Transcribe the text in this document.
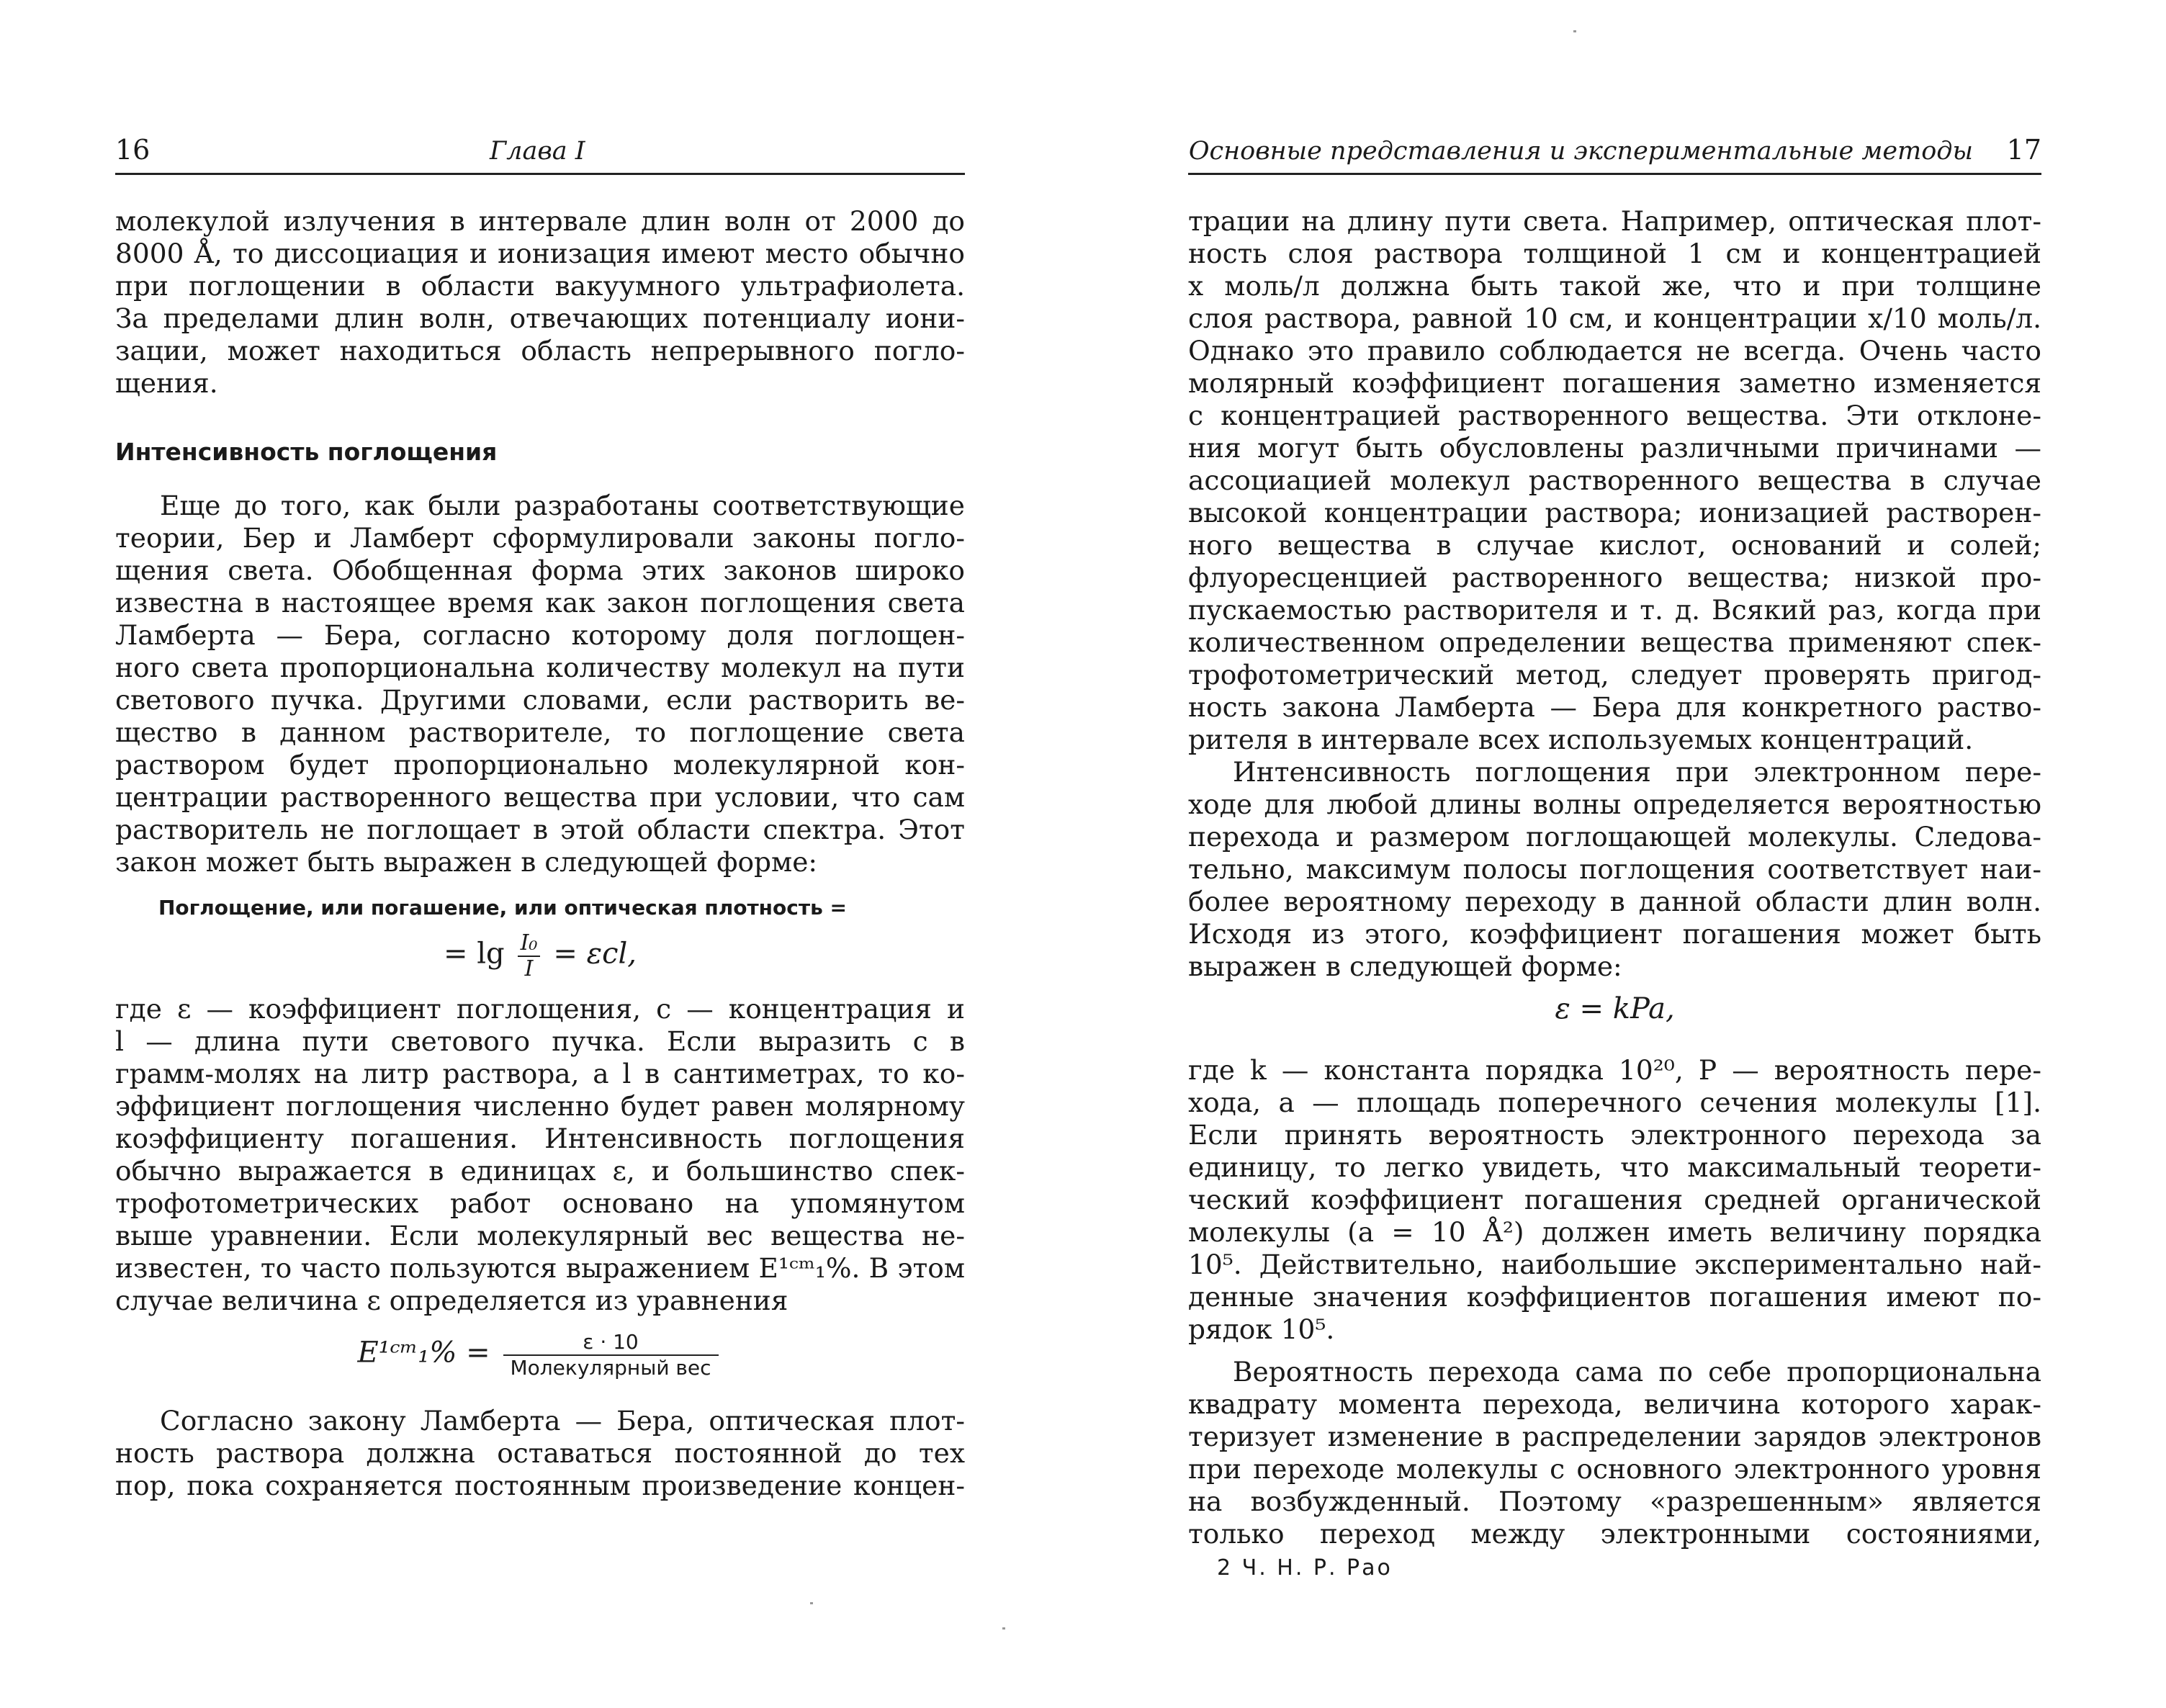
16	Глава I

молекулой излучения в интервале длин волн от 2000 до
8000 Å, то диссоциация и ионизация имеют место обычно
при поглощении в области вакуумного ультрафиолета.
За пределами длин волн, отвечающих потенциалу иони-
зации, может находиться область непрерывного погло-
щения.

Интенсивность поглощения

Еще до того, как были разработаны соответствующие
теории, Бер и Ламберт сформулировали законы погло-
щения света. Обобщенная форма этих законов широко
известна в настоящее время как закон поглощения света
Ламберта — Бера, согласно которому доля поглощен-
ного света пропорциональна количеству молекул на пути
светового пучка. Другими словами, если растворить ве-
щество в данном растворителе, то поглощение света
раствором будет пропорционально молекулярной кон-
центрации растворенного вещества при условии, что сам
растворитель не поглощает в этой области спектра. Этот
закон может быть выражен в следующей форме:

Поглощение, или погашение, или оптическая плотность =
= $\lg \frac{\text{I₀}}{I} = \varepsilon cl$,

где ε — коэффициент поглощения, c — концентрация и
l — длина пути светового пучка. Если выразить c в
грамм-молях на литр раствора, а l в сантиметрах, то ко-
эффициент поглощения численно будет равен молярному
коэффициенту погашения. Интенсивность поглощения
обычно выражается в единицах ε, и большинство спек-
трофотометрических работ основано на упомянутом
выше уравнении. Если молекулярный вес вещества не-
известен, то часто пользуются выражением E¹ᶜᵐ₁%. В этом
случае величина ε определяется из уравнения

E¹ᶜᵐ₁% = $\frac{\varepsilon \cdot 10}{\text{Молекулярный вес}}$

Согласно закону Ламберта — Бера, оптическая плот-
ность раствора должна оставаться постоянной до тех
пор, пока сохраняется постоянным произведение концен-

Основные представления и экспериментальные методы 17

трации на длину пути света. Например, оптическая плот-
ность слоя раствора толщиной 1 см и концентрацией
x моль/л должна быть такой же, что и при толщине
слоя раствора, равной 10 см, и концентрации x/10 моль/л.
Однако это правило соблюдается не всегда. Очень часто
молярный коэффициент погашения заметно изменяется
с концентрацией растворенного вещества. Эти отклоне-
ния могут быть обусловлены различными причинами —
ассоциацией молекул растворенного вещества в случае
высокой концентрации раствора; ионизацией растворен-
ного вещества в случае кислот, оснований и солей;
флуоресценцией растворенного вещества; низкой про-
пускаемостью растворителя и т. д. Всякий раз, когда при
количественном определении вещества применяют спек-
трофотометрический метод, следует проверять пригод-
ность закона Ламберта — Бера для конкретного раство-
рителя в интервале всех используемых концентраций.

Интенсивность поглощения при электронном пере-
ходе для любой длины волны определяется вероятностью
перехода и размером поглощающей молекулы. Следова-
тельно, максимум полосы поглощения соответствует наи-
более вероятному переходу в данной области длин волн.
Исходя из этого, коэффициент погашения может быть
выражен в следующей форме:

ε = kPa,

где k — константа порядка 10²⁰, P — вероятность пере-
хода, a — площадь поперечного сечения молекулы [1].
Если принять вероятность электронного перехода за
единицу, то легко увидеть, что максимальный теорети-
ческий коэффициент погашения средней органической
молекулы (a = 10 Å²) должен иметь величину порядка
10⁵. Действительно, наибольшие экспериментально най-
денные значения коэффициентов погашения имеют по-
рядок 10⁵.

Вероятность перехода сама по себе пропорциональна
квадрату момента перехода, величина которого харак-
теризует изменение в распределении зарядов электронов
при переходе молекулы с основного электронного уровня
на возбужденный. Поэтому «разрешенным» является
только переход между электронными состояниями,

2 Ч. Н. Р. Рао
